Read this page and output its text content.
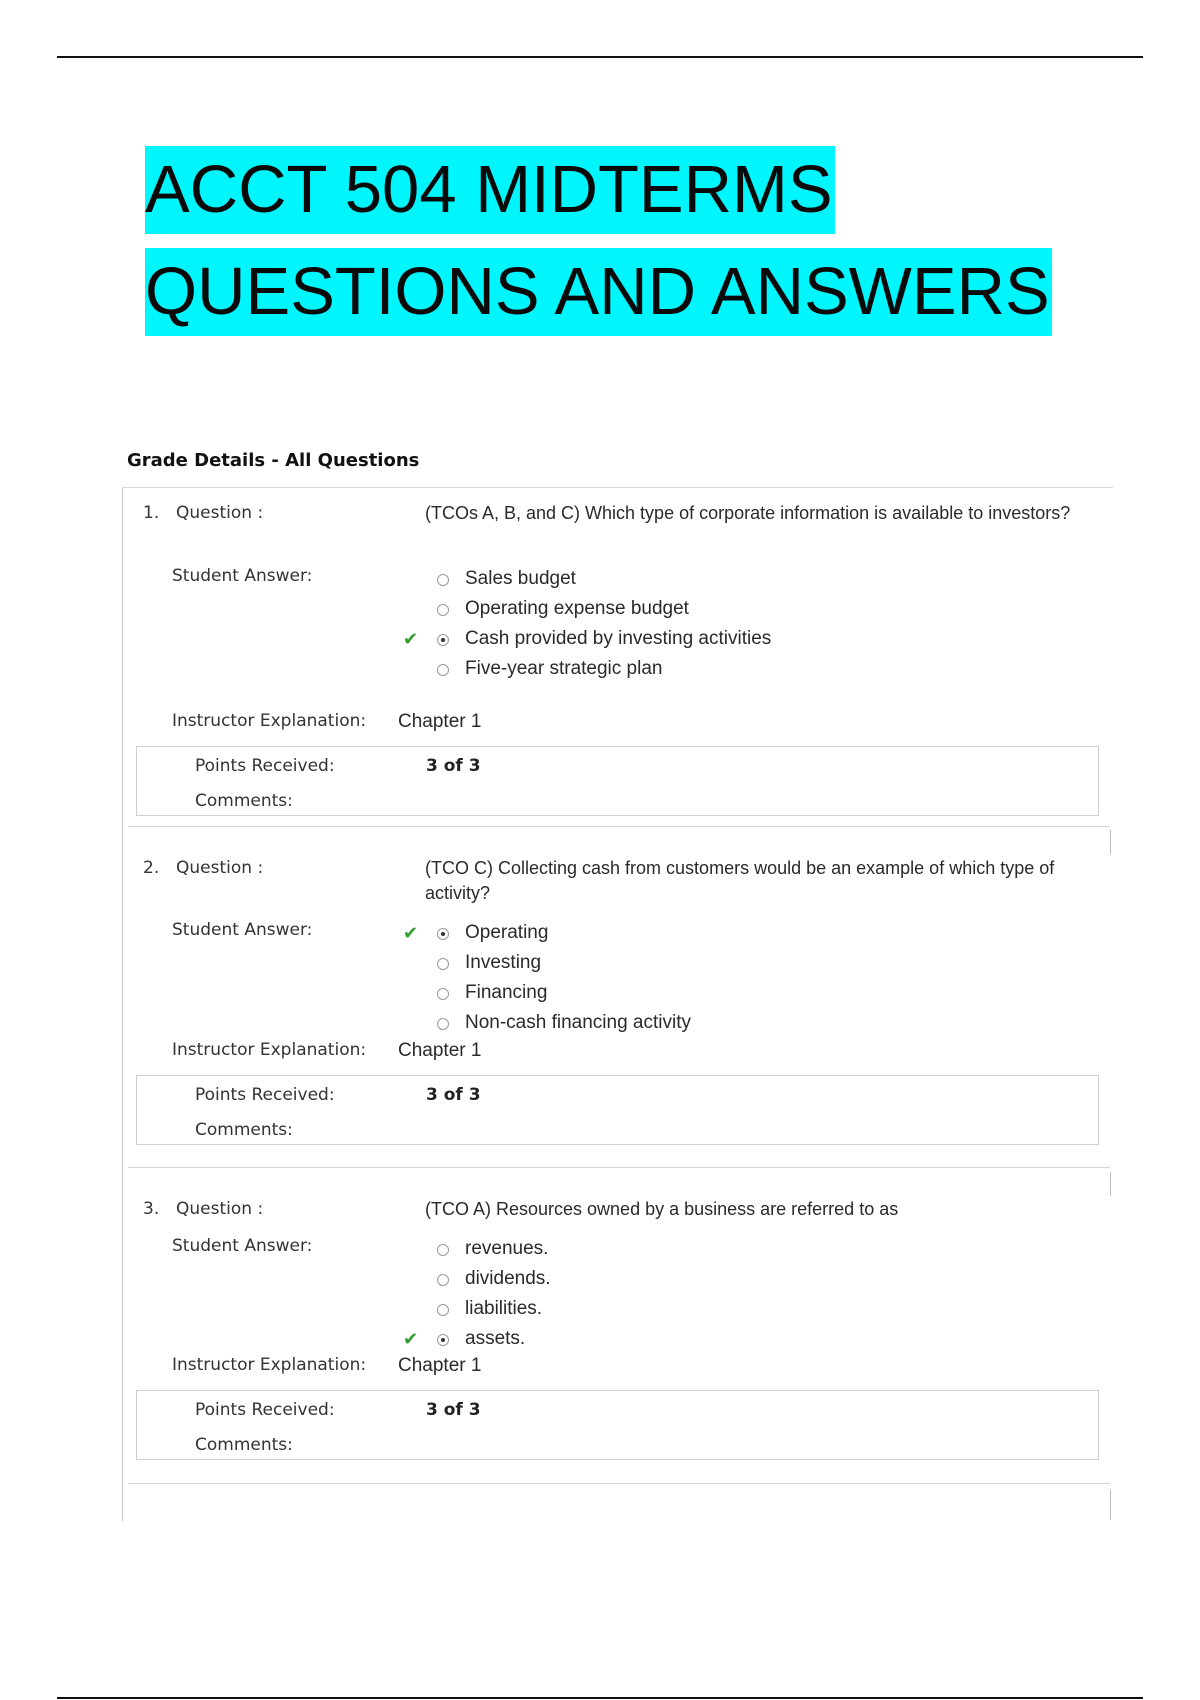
ACCT 504 MIDTERMS
QUESTIONS AND ANSWERS
Grade Details - All Questions
1. Question :	(TCOs A, B, and C) Which type of corporate information is available to investors?
Student Answer:	Sales budget
Operating expense budget
✔ Cash provided by investing activities
Five-year strategic plan
Instructor Explanation: Chapter 1
Points Received:	3 of 3
Comments:
2. Question :	(TCO C) Collecting cash from customers would be an example of which type of activity?
Student Answer:	✔ Operating
Investing
Financing
Non-cash financing activity
Instructor Explanation: Chapter 1
Points Received:	3 of 3
Comments:
3. Question :	(TCO A) Resources owned by a business are referred to as
Student Answer:	revenues.
dividends.
liabilities.
✔ assets.
Instructor Explanation: Chapter 1
Points Received:	3 of 3
Comments:
